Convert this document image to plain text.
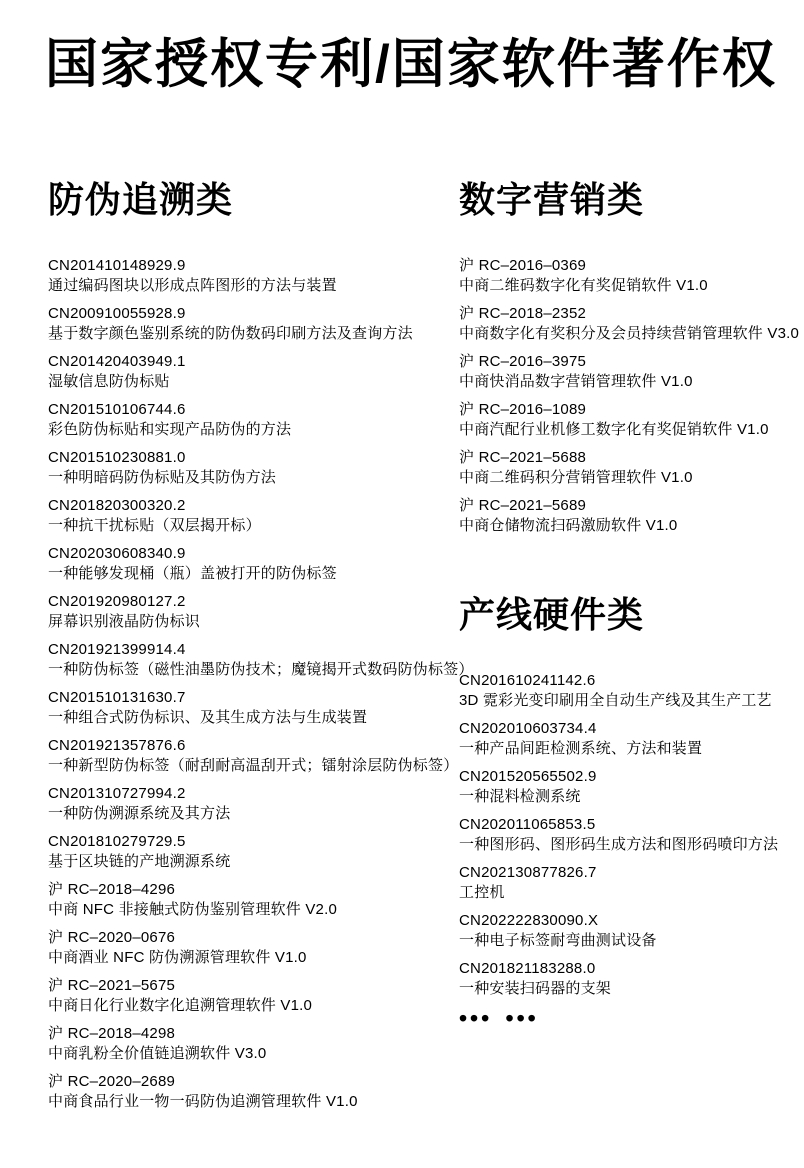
国家授权专利/国家软件著作权
防伪追溯类
CN201410148929.9
通过编码图块以形成点阵图形的方法与装置
CN200910055928.9
基于数字颜色鉴别系统的防伪数码印刷方法及查询方法
CN201420403949.1
湿敏信息防伪标贴
CN201510106744.6
彩色防伪标贴和实现产品防伪的方法
CN201510230881.0
一种明暗码防伪标贴及其防伪方法
CN201820300320.2
一种抗干扰标贴（双层揭开标）
CN202030608340.9
一种能够发现桶（瓶）盖被打开的防伪标签
CN201920980127.2
屏幕识别液晶防伪标识
CN201921399914.4
一种防伪标签（磁性油墨防伪技术；魔镜揭开式数码防伪标签）
CN201510131630.7
一种组合式防伪标识、及其生成方法与生成装置
CN201921357876.6
一种新型防伪标签（耐刮耐高温刮开式；镭射涂层防伪标签）
CN201310727994.2
一种防伪溯源系统及其方法
CN201810279729.5
基于区块链的产地溯源系统
沪 RC–2018–4296
中商 NFC 非接触式防伪鉴别管理软件 V2.0
沪 RC–2020–0676
中商酒业 NFC 防伪溯源管理软件 V1.0
沪 RC–2021–5675
中商日化行业数字化追溯管理软件 V1.0
沪 RC–2018–4298
中商乳粉全价值链追溯软件 V3.0
沪 RC–2020–2689
中商食品行业一物一码防伪追溯管理软件 V1.0
数字营销类
沪 RC–2016–0369
中商二维码数字化有奖促销软件 V1.0
沪 RC–2018–2352
中商数字化有奖积分及会员持续营销管理软件 V3.0
沪 RC–2016–3975
中商快消品数字营销管理软件 V1.0
沪 RC–2016–1089
中商汽配行业机修工数字化有奖促销软件 V1.0
沪 RC–2021–5688
中商二维码积分营销管理软件 V1.0
沪 RC–2021–5689
中商仓储物流扫码激励软件 V1.0
产线硬件类
CN201610241142.6
3D 霓彩光变印刷用全自动生产线及其生产工艺
CN202010603734.4
一种产品间距检测系统、方法和装置
CN201520565502.9
一种混料检测系统
CN202011065853.5
一种图形码、图形码生成方法和图形码喷印方法
CN202130877826.7
工控机
CN202222830090.X
一种电子标签耐弯曲测试设备
CN201821183288.0
一种安装扫码器的支架
••• •••
